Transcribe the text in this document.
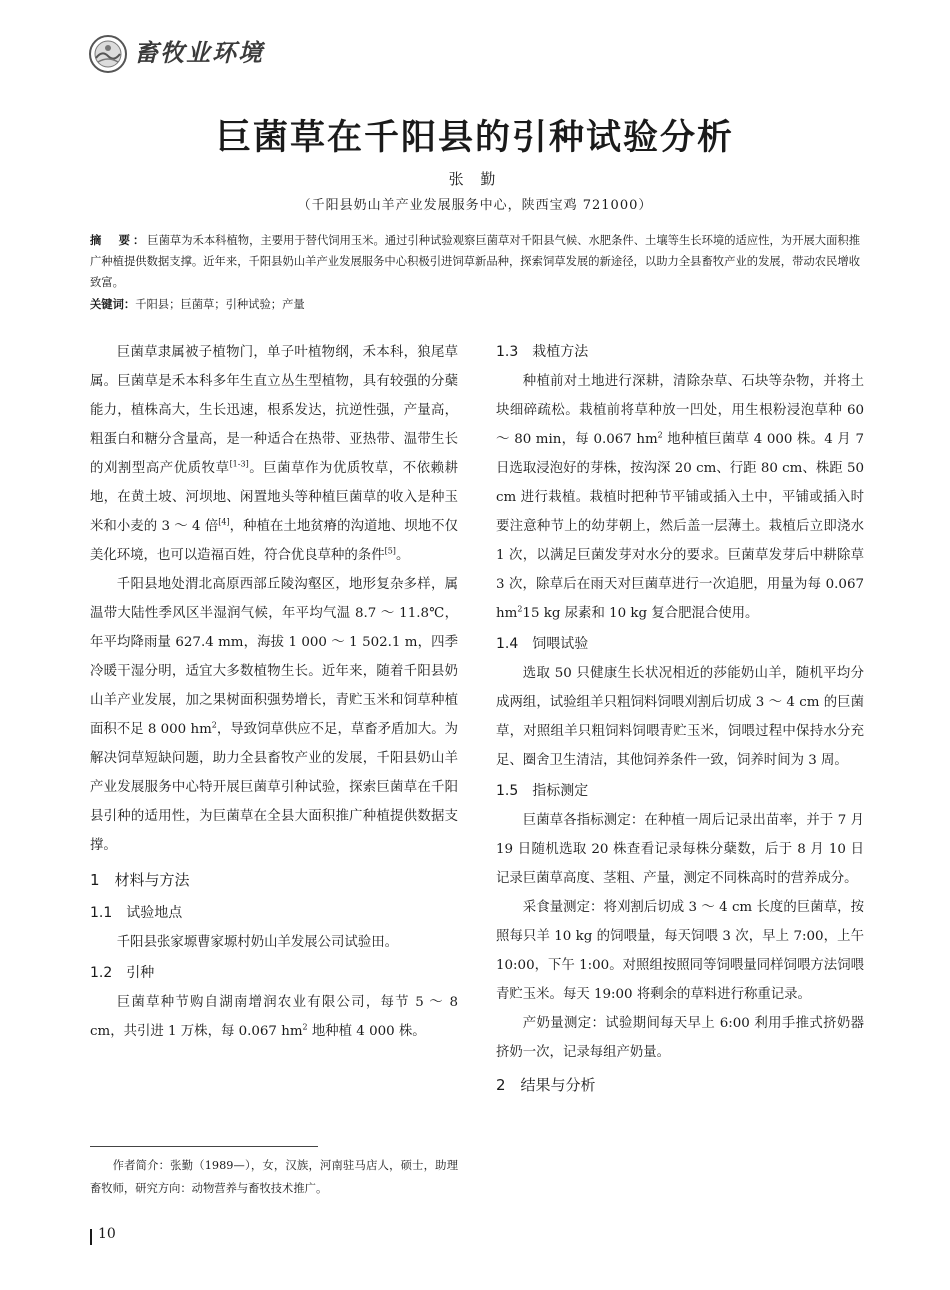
畜牧业环境
巨菌草在千阳县的引种试验分析
张 勤
（千阳县奶山羊产业发展服务中心，陕西宝鸡 721000）
摘　要：巨菌草为禾本科植物，主要用于替代饲用玉米。通过引种试验观察巨菌草对千阳县气候、水肥条件、土壤等生长环境的适应性，为开展大面积推广种植提供数据支撑。近年来，千阳县奶山羊产业发展服务中心积极引进饲草新品种，探索饲草发展的新途径，以助力全县畜牧产业的发展，带动农民增收致富。
关键词：千阳县；巨菌草；引种试验；产量

巨菌草隶属被子植物门，单子叶植物纲，禾本科，狼尾草属。巨菌草是禾本科多年生直立丛生型植物，具有较强的分蘖能力，植株高大，生长迅速，根系发达，抗逆性强，产量高，粗蛋白和糖分含量高，是一种适合在热带、亚热带、温带生长的刈割型高产优质牧草[1-3]。巨菌草作为优质牧草，不依赖耕地，在黄土坡、河坝地、闲置地头等种植巨菌草的收入是种玉米和小麦的 3 ～ 4 倍[4]，种植在土地贫瘠的沟道地、坝地不仅美化环境，也可以造福百姓，符合优良草种的条件[5]。

千阳县地处渭北高原西部丘陵沟壑区，地形复杂多样，属温带大陆性季风区半湿润气候，年平均气温 8.7 ～ 11.8℃，年平均降雨量 627.4 mm，海拔 1 000 ～ 1 502.1 m，四季冷暖干湿分明，适宜大多数植物生长。近年来，随着千阳县奶山羊产业发展，加之果树面积强势增长，青贮玉米和饲草种植面积不足 8 000 $hm^2$，导致饲草供应不足，草畜矛盾加大。为解决饲草短缺问题，助力全县畜牧产业的发展，千阳县奶山羊产业发展服务中心特开展巨菌草引种试验，探索巨菌草在千阳县引种的适用性，为巨菌草在全县大面积推广种植提供数据支撑。

1　材料与方法
1.1　试验地点

千阳县张家塬曹家塬村奶山羊发展公司试验田。

1.2　引种

巨菌草种节购自湖南增润农业有限公司，每节 5 ～ 8 cm，共引进 1 万株，每 0.067 $hm^2$ 地种植 4 000 株。

作者简介：张勤（1989—），女，汉族，河南驻马店人，硕士，助理畜牧师，研究方向：动物营养与畜牧技术推广。
1.3　栽植方法

种植前对土地进行深耕，清除杂草、石块等杂物，并将土块细碎疏松。栽植前将草种放一凹处，用生根粉浸泡草种 60 ～ 80 min，每 0.067 $hm^2$ 地种植巨菌草 4 000 株。4 月 7 日选取浸泡好的芽株，按沟深 20 cm、行距 80 cm、株距 50 cm 进行栽植。栽植时把种节平铺或插入土中，平铺或插入时要注意种节上的幼芽朝上，然后盖一层薄土。栽植后立即浇水 1 次，以满足巨菌发芽对水分的要求。巨菌草发芽后中耕除草 3 次，除草后在雨天对巨菌草进行一次追肥，用量为每 0.067 $hm^215$ kg 尿素和 10 kg 复合肥混合使用。

1.4　饲喂试验

选取 50 只健康生长状况相近的莎能奶山羊，随机平均分成两组，试验组羊只粗饲料饲喂刈割后切成 3 ～ 4 cm 的巨菌草，对照组羊只粗饲料饲喂青贮玉米，饲喂过程中保持水分充足、圈舍卫生清洁，其他饲养条件一致，饲养时间为 3 周。

1.5　指标测定

巨菌草各指标测定：在种植一周后记录出苗率，并于 7 月 19 日随机选取 20 株查看记录每株分蘖数，后于 8 月 10 日记录巨菌草高度、茎粗、产量，测定不同株高时的营养成分。

采食量测定：将刈割后切成 3 ～ 4 cm 长度的巨菌草，按照每只羊 10 kg 的饲喂量，每天饲喂 3 次，早上 7:00，上午 10:00，下午 1:00。对照组按照同等饲喂量同样饲喂方法饲喂青贮玉米。每天 19:00 将剩余的草料进行称重记录。

产奶量测定：试验期间每天早上 6:00 利用手推式挤奶器挤奶一次，记录每组产奶量。

2　结果与分析
10
